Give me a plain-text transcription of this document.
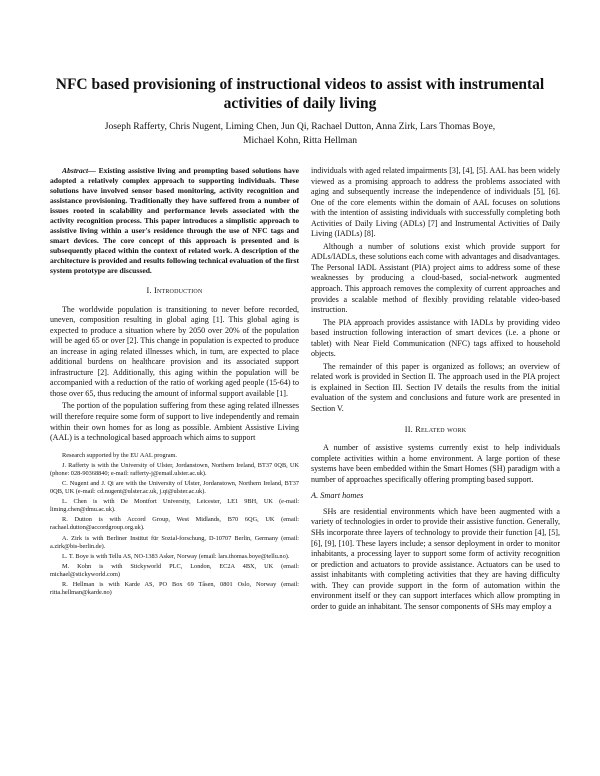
NFC based provisioning of instructional videos to assist with instrumental activities of daily living
Joseph Rafferty, Chris Nugent, Liming Chen, Jun Qi, Rachael Dutton, Anna Zirk, Lars Thomas Boye,
Michael Kohn, Ritta Hellman

Abstract— Existing assistive living and prompting based solutions have adopted a relatively complex approach to supporting individuals. These solutions have involved sensor based monitoring, activity recognition and assistance provisioning. Traditionally they have suffered from a number of issues rooted in scalability and performance levels associated with the activity recognition process. This paper introduces a simplistic approach to assistive living within a user's residence through the use of NFC tags and smart devices. The core concept of this approach is presented and is subsequently placed within the context of related work. A description of the architecture is provided and results following technical evaluation of the first system prototype are discussed.

I. Introduction

The worldwide population is transitioning to never before recorded, uneven, composition resulting in global aging [1]. This global aging is expected to produce a situation where by 2050 over 20% of the population will be aged 65 or over [2]. This change in population is expected to produce an increase in aging related illnesses which, in turn, are expected to place additional burdens on healthcare provision and its associated support infrastructure [2]. Additionally, this aging within the population will be accompanied with a reduction of the ratio of working aged people (15-64) to those over 65, thus reducing the amount of informal support available [1].

The portion of the population suffering from these aging related illnesses will therefore require some form of support to live independently and remain within their own homes for as long as possible. Ambient Assistive Living (AAL) is a technological based approach which aims to support

Research supported by the EU AAL program.

J. Rafferty is with the University of Ulster, Jordanstown, Northern Ireland, BT37 0QB, UK (phone: 028-90368840; e-mail: rafferty-j@email.ulster.ac.uk).

C. Nugent and J. Qi are with the University of Ulster, Jordanstown, Northern Ireland, BT37 0QB, UK (e-mail: cd.nugent@ulster.ac.uk, j.qi@ulster.ac.uk).

L. Chen is with De Montfort University, Leicester, LE1 9BH, UK (e-mail: liming.chen@dmu.ac.uk).

R. Dutton is with Accord Group, West Midlands, B70 6QG, UK (email: rachael.dutton@accordgroup.org.uk).

A. Zirk is with Berliner Institut für Sozial-forschung, D-10707 Berlin, Germany (email: a.zirk@bis-berlin.de).

L. T. Boye is with Tellu AS, NO-1383 Asker, Norway (email: lars.thomas.boye@tellu.no).

M. Kohn is with Stickyworld PLC, London, EC2A 4BX, UK (email: michael@stickyworld.com)

R. Hellman is with Karde AS, PO Box 69 Tåsen, 0801 Oslo, Norway (email: ritta.hellman@karde.no)

individuals with aged related impairments [3], [4], [5]. AAL has been widely viewed as a promising approach to address the problems associated with aging and subsequently increase the independence of individuals [5], [6]. One of the core elements within the domain of AAL focuses on solutions with the intention of assisting individuals with successfully completing both Activities of Daily Living (ADLs) [7] and Instrumental Activities of Daily Living (IADLs) [8].

Although a number of solutions exist which provide support for ADLs/IADLs, these solutions each come with advantages and disadvantages. The Personal IADL Assistant (PIA) project aims to address some of these weaknesses by producing a cloud-based, social-network augmented approach. This approach removes the complexity of current approaches and provides a scalable method of flexibly providing relatable video-based instruction.

The PIA approach provides assistance with IADLs by providing video based instruction following interaction of smart devices (i.e. a phone or tablet) with Near Field Communication (NFC) tags affixed to household objects.

The remainder of this paper is organized as follows; an overview of related work is provided in Section II. The approach used in the PIA project is explained in Section III. Section IV details the results from the initial evaluation of the system and conclusions and future work are presented in Section V.

II. Related work

A number of assistive systems currently exist to help individuals complete activities within a home environment. A large portion of these systems have been embedded within the Smart Homes (SH) paradigm with a number of approaches specifically offering prompting based support.

A. Smart homes

SHs are residential environments which have been augmented with a variety of technologies in order to provide their assistive function. Generally, SHs incorporate three layers of technology to provide their function [4], [5], [6], [9], [10]. These layers include; a sensor deployment in order to monitor inhabitants, a processing layer to support some form of activity recognition or prediction and actuators to provide assistance. Actuators can be used to assist inhabitants with completing activities that they are having difficulty with. They can provide support in the form of automation within the environment itself or they can support interfaces which allow prompting in order to guide an inhabitant. The sensor components of SHs may employ a
